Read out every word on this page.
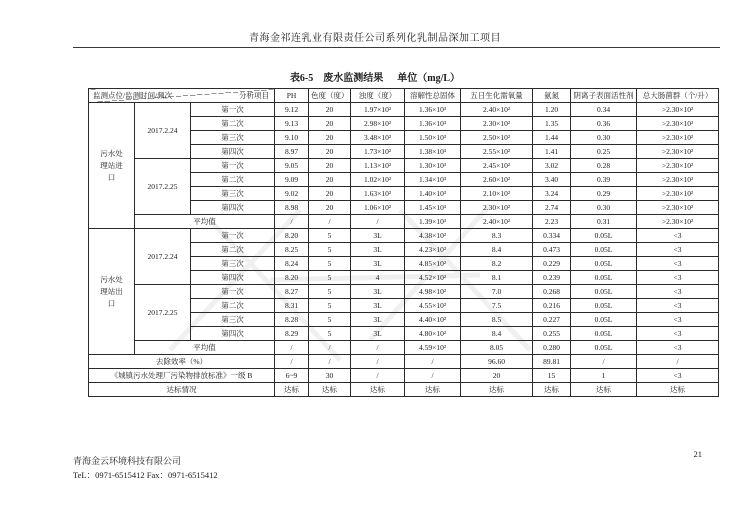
青海金祁连乳业有限责任公司系列化乳制品深加工项目
表6-5　废水监测结果 单位（mg/L）
分析项目
监测点位/监测时间/频次			PH	色度（度）	浊度（度）	溶解性总固体	五日生化需氧量	氨氮	阴离子表面活性剂	总大肠菌群（个/升）
污水处理站进口	2017.2.24	第一次	9.12	20	1.97×10²	1.36×10³	2.40×10²	1.20	0.34	>2.30×10²
		第二次	9.13	20	2.98×10²	1.36×10³	2.30×10²	1.35	0.36	>2.30×10²
		第三次	9.10	20	3.48×10²	1.50×10³	2.50×10²	1.44	0.30	>2.30×10²
		第四次	8.97	20	1.73×10²	1.38×10³	2.55×10²	1.41	0.25	>2.30×10²
	2017.2.25	第一次	9.05	20	1.13×10²	1.30×10³	2.45×10²	3.02	0.28	>2.30×10²
		第二次	9.09	20	1.02×10²	1.34×10³	2.60×10²	3.40	0.39	>2.30×10²
		第三次	9.02	20	1.63×10²	1.40×10³	2.10×10²	3.24	0.29	>2.30×10²
		第四次	8.98	20	1.06×10²	1.45×10³	2.30×10²	2.74	0.30	>2.30×10²
	平均值		/	/	/	1.39×10³	2.40×10²	2.23	0.31	>2.30×10²
污水处理站出口	2017.2.24	第一次	8.20	5	3L	4.38×10²	8.3	0.334	0.05L	<3
		第二次	8.25	5	3L	4.23×10²	8.4	0.473	0.05L	<3
		第三次	8.24	5	3L	4.85×10²	8.2	0.229	0.05L	<3
		第四次	8.20	5	4	4.52×10²	8.1	0.239	0.05L	<3
	2017.2.25	第一次	8.27	5	3L	4.98×10²	7.0	0.268	0.05L	<3
		第二次	8.31	5	3L	4.55×10²	7.5	0.216	0.05L	<3
		第三次	8.28	5	3L	4.40×10²	8.5	0.227	0.05L	<3
		第四次	8.29	5	3L	4.80×10²	8.4	0.255	0.05L	<3
	平均值		/	/	/	4.59×10²	8.05	0.280	0.05L	<3
去除效率（%）			/	/	/	/	96.60	89.81	/	/
《城镇污水处理厂污染物排放标准》一级 B			6~9	30	/	/	20	15	1	<3
达标情况			达标	达标	达标	达标	达标	达标	达标	达标
青海金云环境科技有限公司
TeL：0971-6515412 Fax：0971-6515412
21
